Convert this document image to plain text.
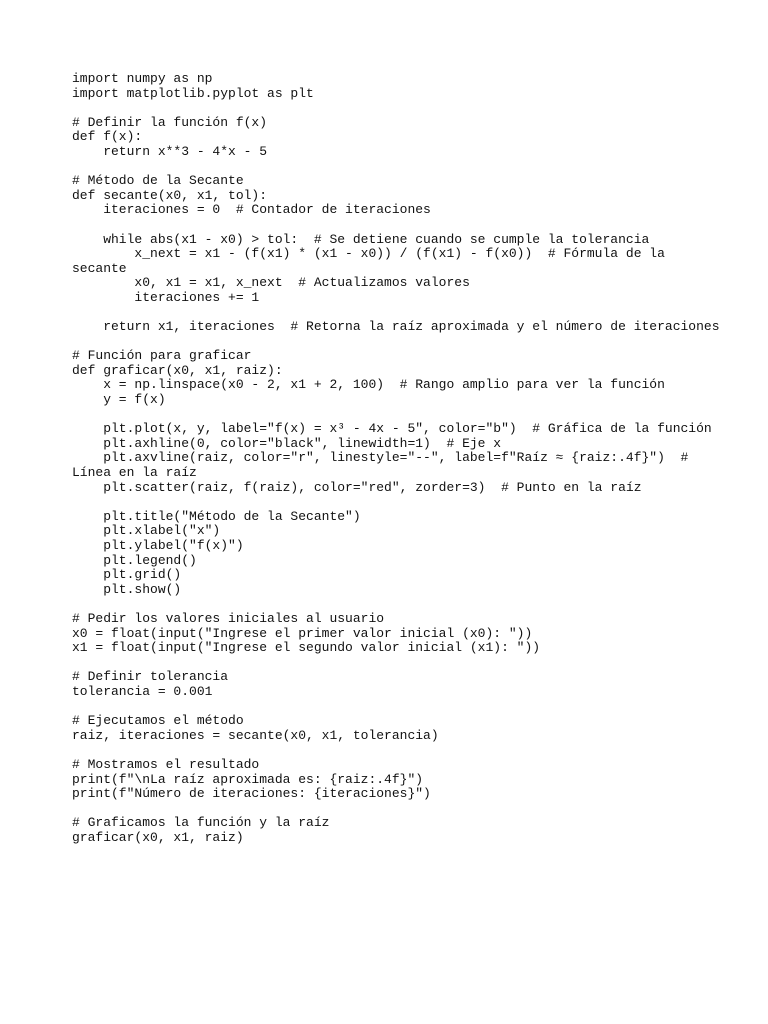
import numpy as np
import matplotlib.pyplot as plt
# Definir la función f(x)
def f(x):
return x**3 - 4*x - 5
# Método de la Secante
def secante(x0, x1, tol):
iteraciones = 0  # Contador de iteraciones
while abs(x1 - x0) > tol:  # Se detiene cuando se cumple la tolerancia
x_next = x1 - (f(x1) * (x1 - x0)) / (f(x1) - f(x0))  # Fórmula de la
secante
x0, x1 = x1, x_next  # Actualizamos valores
iteraciones += 1
return x1, iteraciones  # Retorna la raíz aproximada y el número de iteraciones
# Función para graficar
def graficar(x0, x1, raiz):
x = np.linspace(x0 - 2, x1 + 2, 100)  # Rango amplio para ver la función
y = f(x)
plt.plot(x, y, label="f(x) = x³ - 4x - 5", color="b")  # Gráfica de la función
plt.axhline(0, color="black", linewidth=1)  # Eje x
plt.axvline(raiz, color="r", linestyle="--", label=f"Raíz ≈ {raiz:.4f}")  #
Línea en la raíz
plt.scatter(raiz, f(raiz), color="red", zorder=3)  # Punto en la raíz
plt.title("Método de la Secante")
plt.xlabel("x")
plt.ylabel("f(x)")
plt.legend()
plt.grid()
plt.show()
# Pedir los valores iniciales al usuario
x0 = float(input("Ingrese el primer valor inicial (x0): "))
x1 = float(input("Ingrese el segundo valor inicial (x1): "))
# Definir tolerancia
tolerancia = 0.001
# Ejecutamos el método
raiz, iteraciones = secante(x0, x1, tolerancia)
# Mostramos el resultado
print(f"\nLa raíz aproximada es: {raiz:.4f}")
print(f"Número de iteraciones: {iteraciones}")
# Graficamos la función y la raíz
graficar(x0, x1, raiz)
